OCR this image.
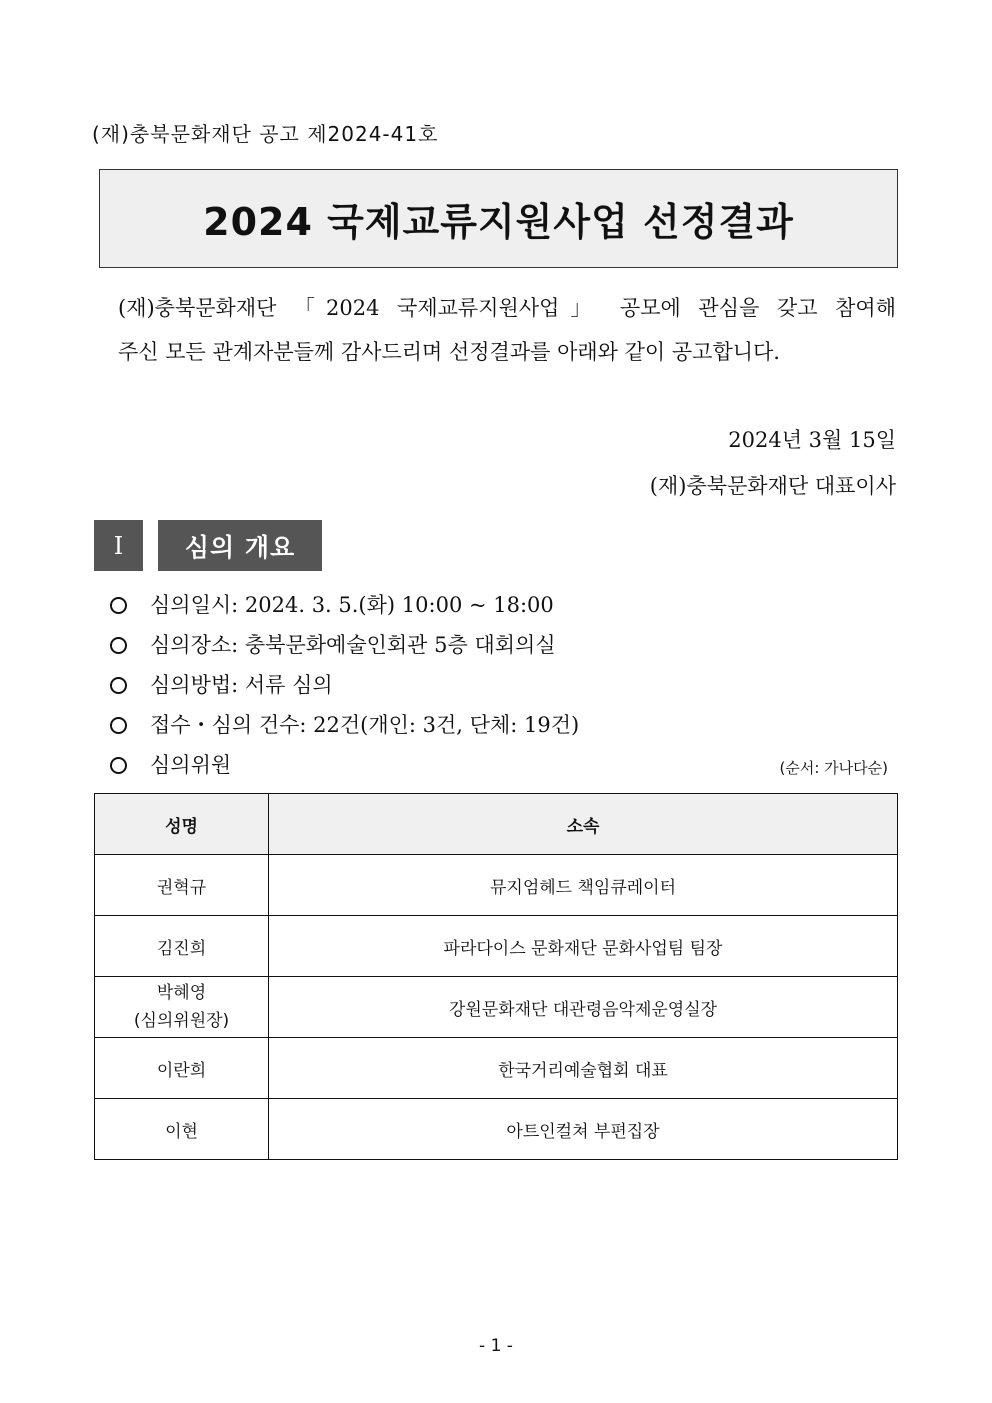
(재)충북문화재단 공고 제2024-41호
2024 국제교류지원사업 선정결과

(재)충북문화재단 「2024 국제교류지원사업」 공모에 관심을 갖고 참여해

주신 모든 관계자분들께 감사드리며 선정결과를 아래와 같이 공고합니다.

2024년 3월 15일
(재)충북문화재단 대표이사
Ⅰ	심의 개요
심의일시: 2024. 3. 5.(화) 10:00 ~ 18:00
심의장소: 충북문화예술인회관 5층 대회의실
심의방법: 서류 심의
접수・심의 건수: 22건(개인: 3건, 단체: 19건)
심의위원	(순서: 가나다순)
성명	소속

권혁규	뮤지엄헤드 책임큐레이터

김진희	파라다이스 문화재단 문화사업팀 팀장

박혜영
(심의위원장)	강원문화재단 대관령음악제운영실장

이란희	한국거리예술협회 대표

이현	아트인컬쳐 부편집장
- 1 -
